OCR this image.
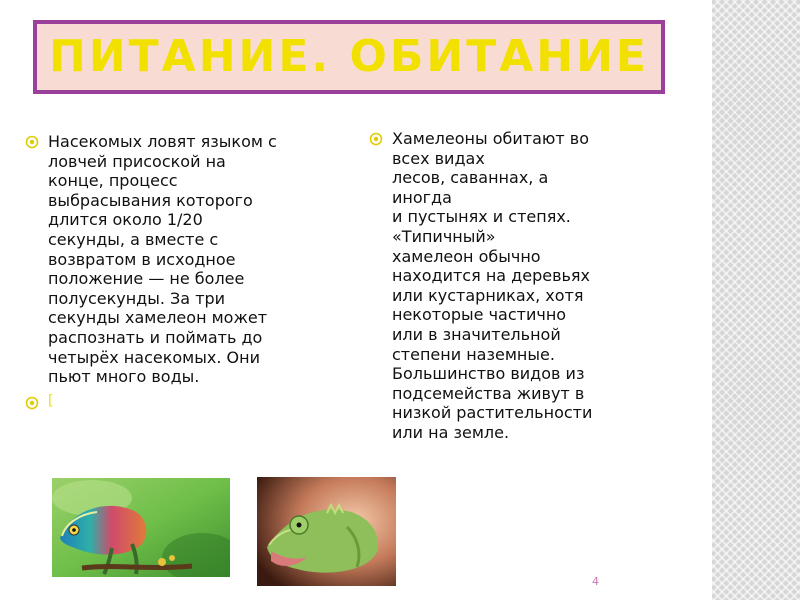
ПИТАНИЕ. ОБИТАНИЕ
Насекомых ловят языком с
ловчей присоской на
конце, процесс
выбрасывания которого
длится около 1/20
секунды, а вместе с
возвратом в исходное
положение — не более
полусекунды. За три
секунды хамелеон может
распознать и поймать до
четырёх насекомых. Они
пьют много воды.
[
Хамелеоны обитают во
всех видах
лесов, саваннах, а
иногда
и пустынях и степях.
«Типичный»
хамелеон обычно
находится на деревьях
или кустарниках, хотя
некоторые частично
или в значительной
степени наземные.
Большинство видов из
подсемейства живут в
низкой растительности
или на земле.
4
